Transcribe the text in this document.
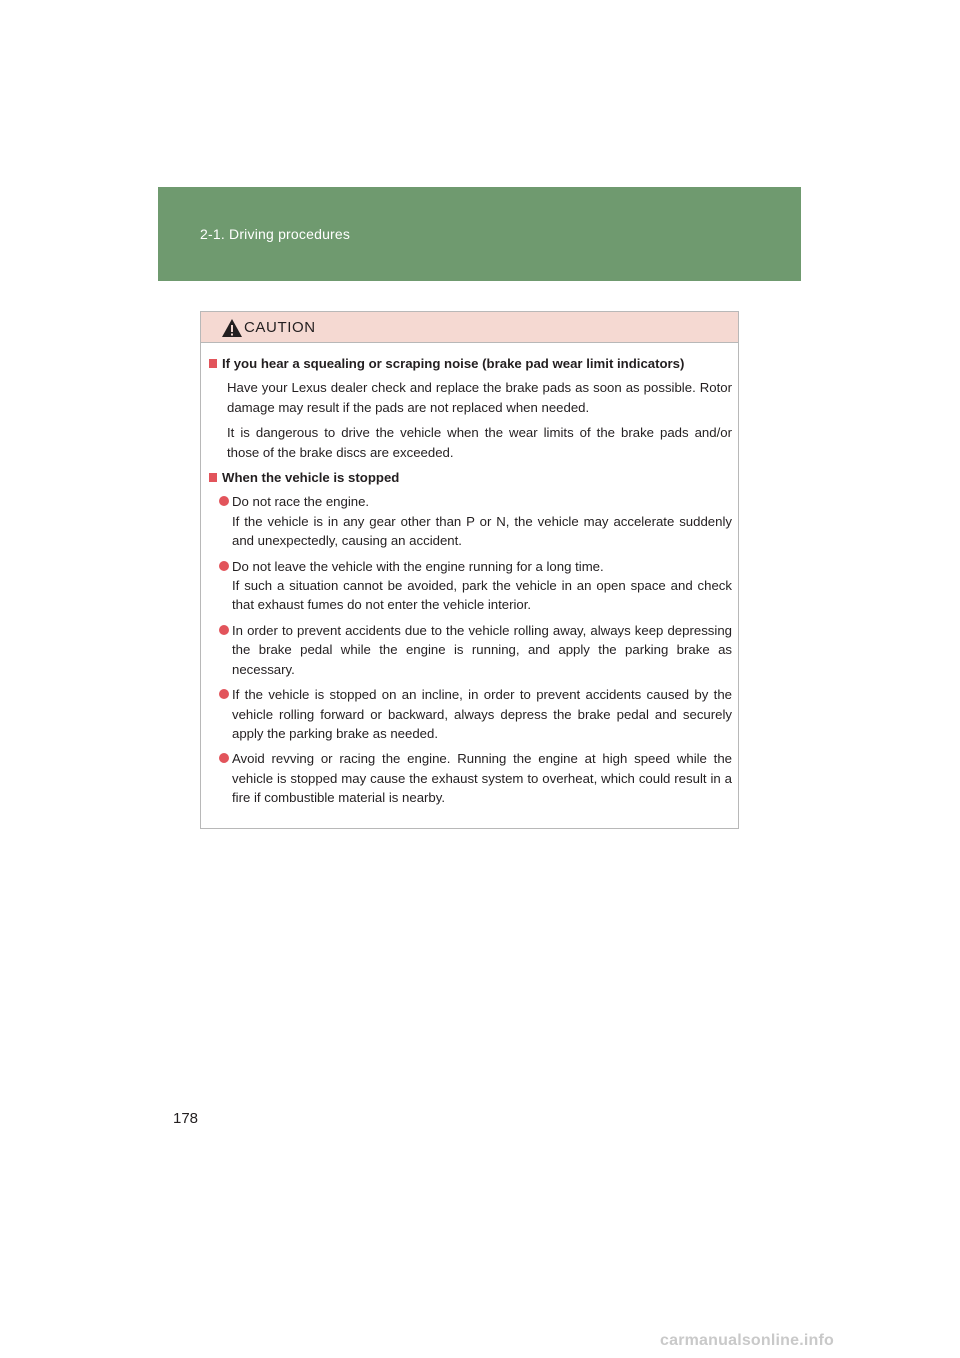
2-1. Driving procedures
CAUTION
If you hear a squealing or scraping noise (brake pad wear limit indicators)

Have your Lexus dealer check and replace the brake pads as soon as possible. Rotor damage may result if the pads are not replaced when needed.

It is dangerous to drive the vehicle when the wear limits of the brake pads and/or those of the brake discs are exceeded.

When the vehicle is stopped
Do not race the engine.
If the vehicle is in any gear other than P or N, the vehicle may accelerate suddenly and unexpectedly, causing an accident.
Do not leave the vehicle with the engine running for a long time.
If such a situation cannot be avoided, park the vehicle in an open space and check that exhaust fumes do not enter the vehicle interior.
In order to prevent accidents due to the vehicle rolling away, always keep depressing the brake pedal while the engine is running, and apply the parking brake as necessary.
If the vehicle is stopped on an incline, in order to prevent accidents caused by the vehicle rolling forward or backward, always depress the brake pedal and securely apply the parking brake as needed.
Avoid revving or racing the engine. Running the engine at high speed while the vehicle is stopped may cause the exhaust system to overheat, which could result in a fire if combustible material is nearby.
178
carmanualsonline.info
